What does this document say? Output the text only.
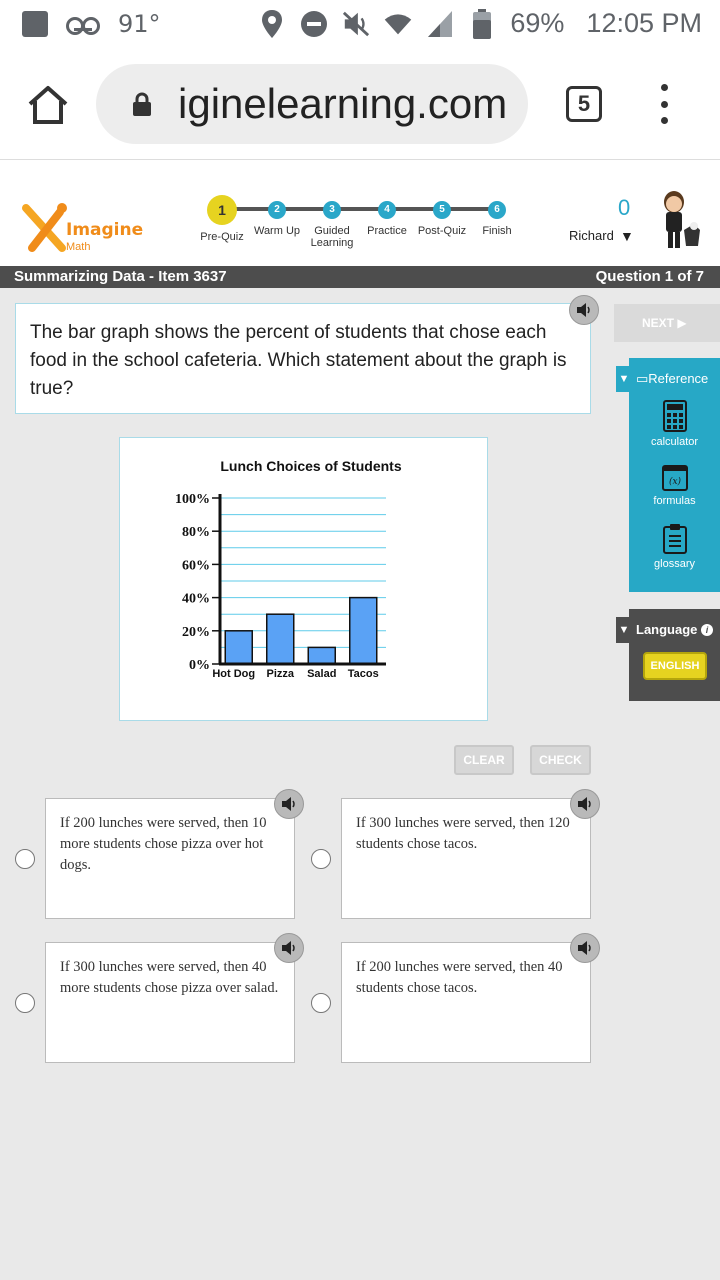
91°	69% 12:05 PM
iginelearning.com	5
Imagine
Math
1
Pre-Quiz
2
Warm Up
3
Guided Learning
4
Practice
5
Post-Quiz
6
Finish
0
Richard ▼
Summarizing Data - Item 3637	Question 1 of 7
The bar graph shows the percent of students that chose each food in the school cafeteria. Which statement about the graph is true?
Lunch Choices of Students
0%
20%
40%
60%
80%
100%
Hot Dog Pizza Salad Tacos
CLEAR	CHECK
If 200 lunches were served, then 10 more students chose pizza over hot dogs.
If 300 lunches were served, then 120 students chose tacos.
If 300 lunches were served, then 40 more students chose pizza over salad.
If 200 lunches were served, then 40 students chose tacos.
NEXT ▶
▼ ▭Reference
calculator
(x)
formulas
glossary
▼ Language i
ENGLISH
